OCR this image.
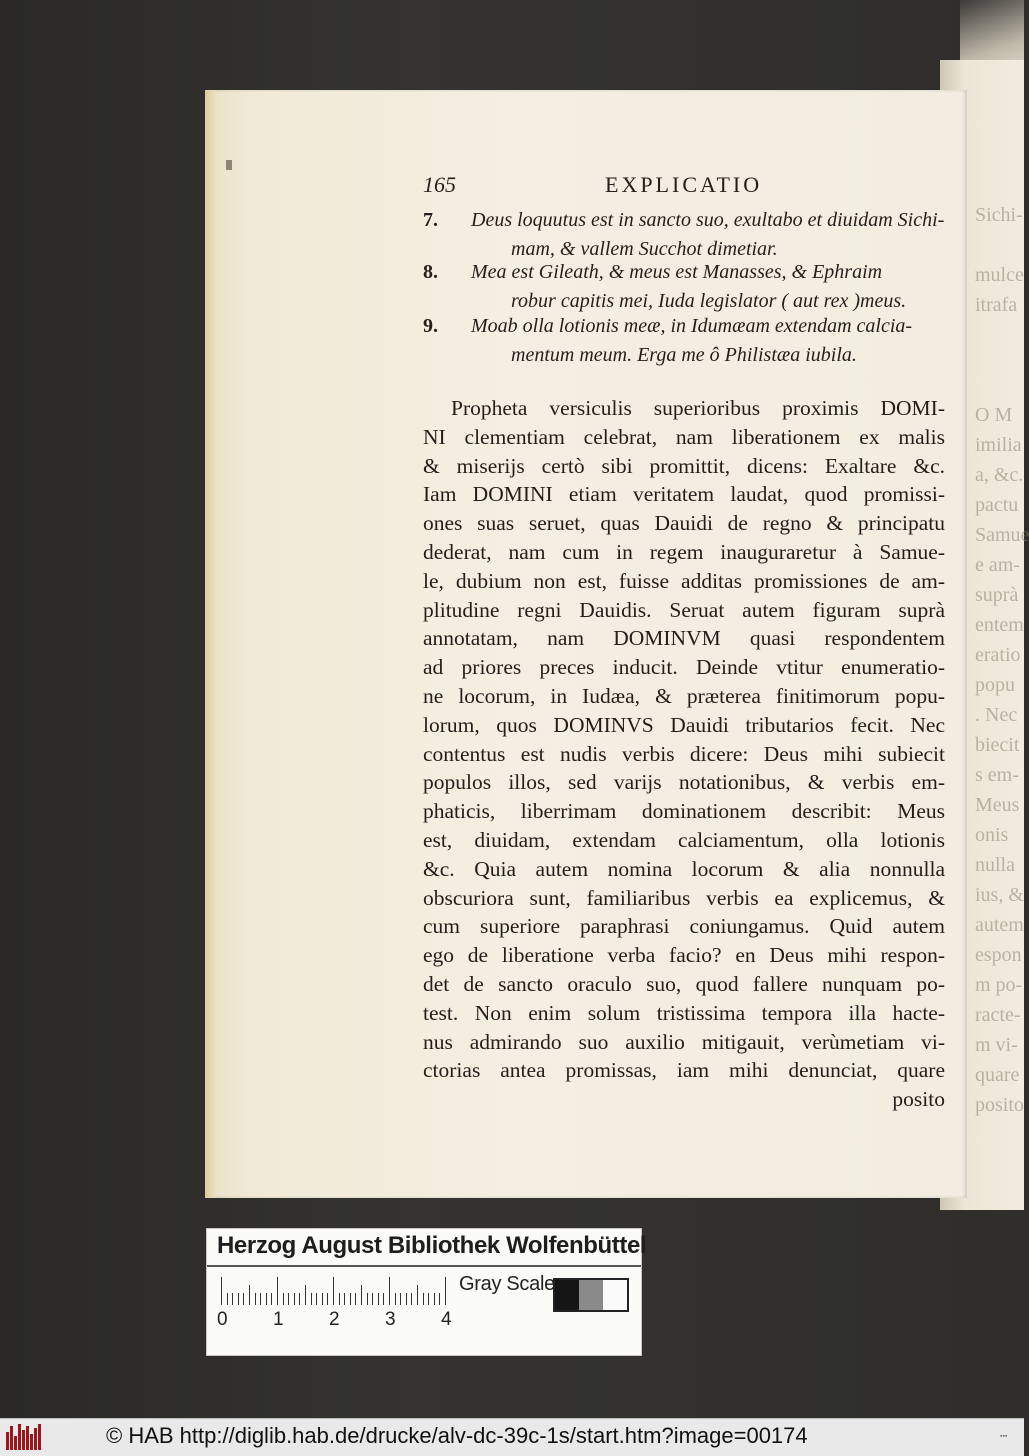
Sichi-

mulce
itrafa
O M
imilia
a, &c.
pactu
Samue
e am-
suprà
entem
eratio
popu
. Nec
biecit
s em-
Meus
onis
nulla
ius, &
autem
espon
m po-
racte-
m vi-
quare
posito
165	EXPLICATIO
7.	Deus loquutus est in sancto suo, exultabo et diuidam Sichi-
mam, & vallem Succhot dimetiar.
8.	Mea est Gileath, & meus est Manasses, & Ephraim
robur capitis mei, Iuda legislator ( aut rex )meus.
9.	Moab olla lotionis meæ, in Idumæam extendam calcia-
mentum meum. Erga me ô Philistæa iubila.
Propheta versiculis superioribus proximis DOMI-
NI clementiam celebrat, nam liberationem ex malis
& miserijs certò sibi promittit, dicens: Exaltare &c.
Iam DOMINI etiam veritatem laudat, quod promissi-
ones suas seruet, quas Dauidi de regno & principatu
dederat, nam cum in regem inauguraretur à Samue-
le, dubium non est, fuisse additas promissiones de am-
plitudine regni Dauidis. Seruat autem figuram suprà
annotatam, nam DOMINVM quasi respondentem
ad priores preces inducit. Deinde vtitur enumeratio-
ne locorum, in Iudæa, & præterea finitimorum popu-
lorum, quos DOMINVS Dauidi tributarios fecit. Nec
contentus est nudis verbis dicere: Deus mihi subiecit
populos illos, sed varijs notationibus, & verbis em-
phaticis, liberrimam dominationem describit: Meus
est, diuidam, extendam calciamentum, olla lotionis
&c. Quia autem nomina locorum & alia nonnulla
obscuriora sunt, familiaribus verbis ea explicemus, &
cum superiore paraphrasi coniungamus. Quid autem
ego de liberatione verba facio? en Deus mihi respon-
det de sancto oraculo suo, quod fallere nunquam po-
test. Non enim solum tristissima tempora illa hacte-
nus admirando suo auxilio mitigauit, verùmetiam vi-
ctorias antea promissas, iam mihi denunciat, quare
posito
Herzog August Bibliothek Wolfenbüttel
Gray Scale
0 1 2 3 4
© HAB http://diglib.hab.de/drucke/alv-dc-39c-1s/start.htm?image=00174	▪▪▪
